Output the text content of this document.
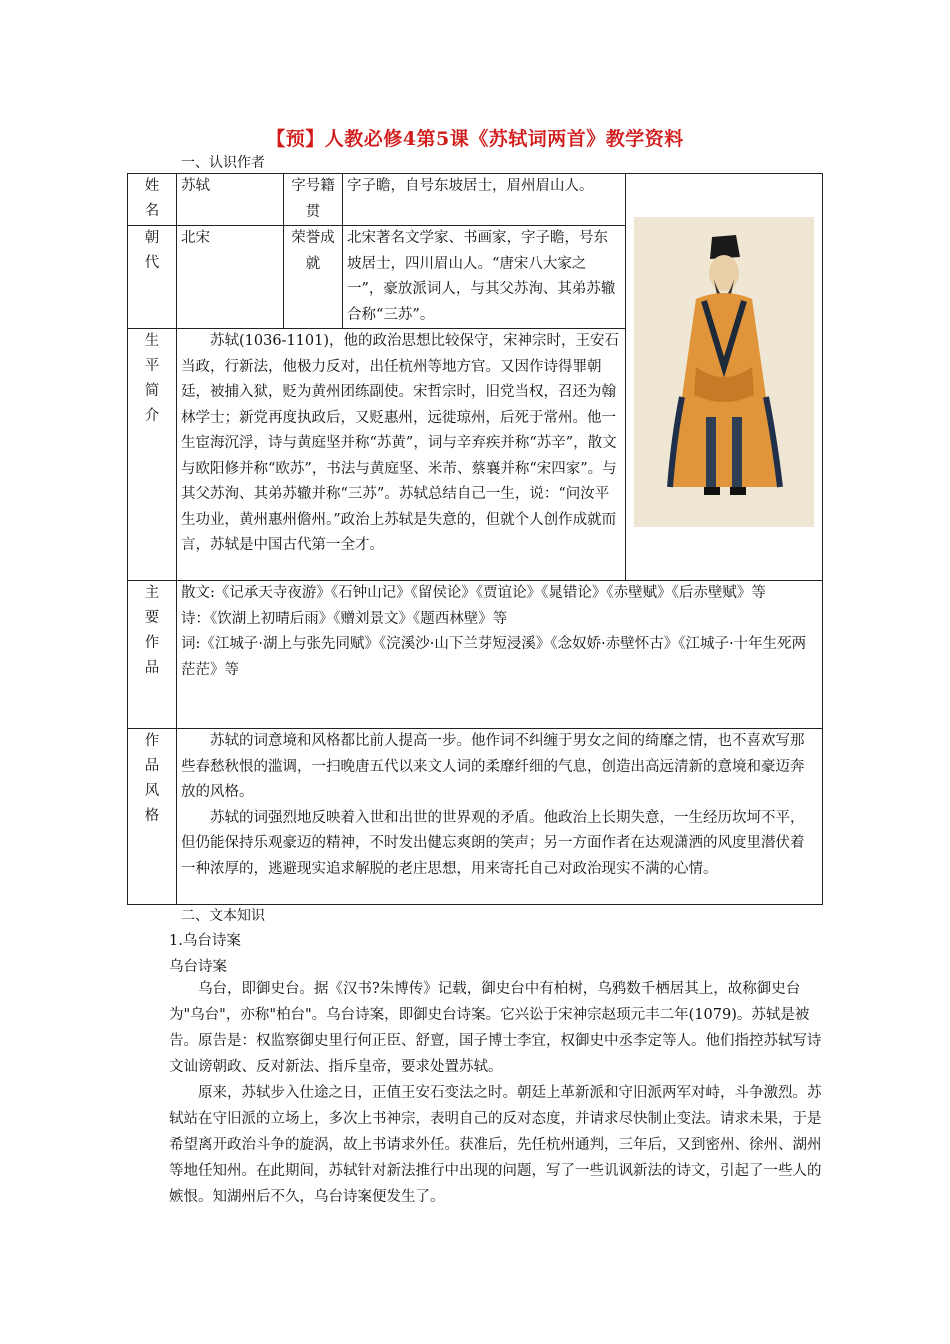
【预】人教必修4第5课《苏轼词两首》教学资料
一、认识作者
姓名	苏轼	字号籍贯	字子瞻，自号东坡居士，眉州眉山人。	
朝代	北宋	荣誉成就	北宋著名文学家、书画家，字子瞻，号东坡居士，四川眉山人。“唐宋八大家之一”，豪放派词人，与其父苏洵、其弟苏辙合称“三苏”。	
生平简介	苏轼(1036-1101)，他的政治思想比较保守，宋神宗时，王安石当政，行新法，他极力反对，出任杭州等地方官。又因作诗得罪朝廷，被捕入狱，贬为黄州团练副使。宋哲宗时，旧党当权，召还为翰林学士；新党再度执政后，又贬惠州，远徙琼州，后死于常州。他一生宦海沉浮，诗与黄庭坚并称“苏黄”，词与辛弃疾并称“苏辛”，散文与欧阳修并称“欧苏”，书法与黄庭坚、米芾、蔡襄并称“宋四家”。与其父苏洵、其弟苏辙并称“三苏”。苏轼总结自己一生，说：“问汝平生功业，黄州惠州儋州。”政治上苏轼是失意的，但就个人创作成就而言，苏轼是中国古代第一全才。			
主要作品	散文:《记承天寺夜游》《石钟山记》《留侯论》《贾谊论》《晁错论》《赤壁赋》《后赤壁赋》等
诗：《饮湖上初晴后雨》《赠刘景文》《题西林壁》等
词:《江城子·湖上与张先同赋》《浣溪沙·山下兰芽短浸溪》《念奴娇·赤壁怀古》《江城子·十年生死两茫茫》等			

作品风格	苏轼的词意境和风格都比前人提高一步。他作词不纠缠于男女之间的绮靡之情，也不喜欢写那些春愁秋恨的滥调，一扫晚唐五代以来文人词的柔靡纤细的气息，创造出高远清新的意境和豪迈奔放的风格。
苏轼的词强烈地反映着入世和出世的世界观的矛盾。他政治上长期失意，一生经历坎坷不平，但仍能保持乐观豪迈的精神，不时发出健忘爽朗的笑声；另一方面作者在达观潇洒的风度里潜伏着一种浓厚的，逃避现实追求解脱的老庄思想，用来寄托自己对政治现实不满的心情。			
二、文本知识
1.乌台诗案
乌台诗案

乌台，即御史台。据《汉书?朱博传》记载，御史台中有柏树，乌鸦数千栖居其上，故称御史台为"乌台"，亦称"柏台"。乌台诗案，即御史台诗案。它兴讼于宋神宗赵顼元丰二年(1079)。苏轼是被告。原告是：权监察御史里行何正臣、舒亶，国子博士李宜，权御史中丞李定等人。他们指控苏轼写诗文讪谤朝政、反对新法、指斥皇帝，要求处置苏轼。

原来，苏轼步入仕途之日，正值王安石变法之时。朝廷上革新派和守旧派两军对峙，斗争激烈。苏轼站在守旧派的立场上，多次上书神宗，表明自己的反对态度，并请求尽快制止变法。请求未果，于是希望离开政治斗争的旋涡，故上书请求外任。获准后，先任杭州通判，三年后，又到密州、徐州、湖州等地任知州。在此期间，苏轼针对新法推行中出现的问题，写了一些讥讽新法的诗文，引起了一些人的嫉恨。知湖州后不久，乌台诗案便发生了。
